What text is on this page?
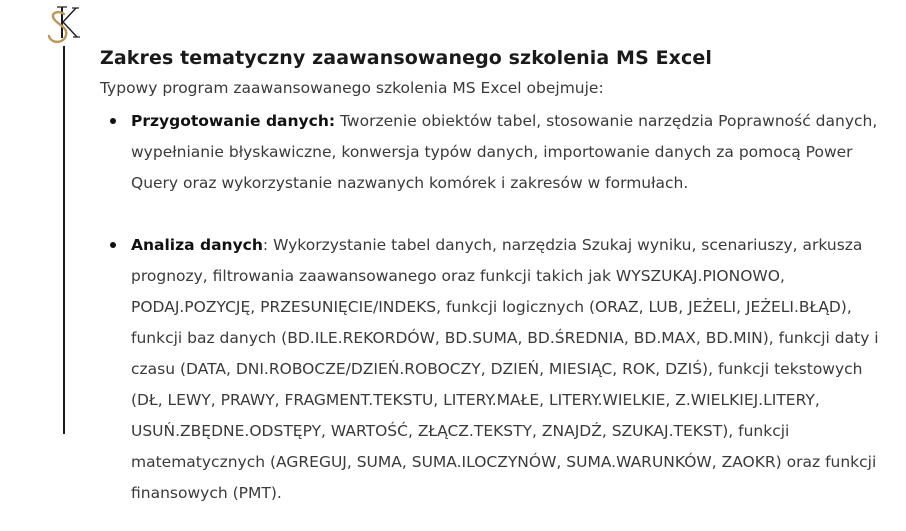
Zakres tematyczny zaawansowanego szkolenia MS Excel

Typowy program zaawansowanego szkolenia MS Excel obejmuje:

Przygotowanie danych: Tworzenie obiektów tabel, stosowanie narzędzia Poprawność danych, wypełnianie błyskawiczne, konwersja typów danych, importowanie danych za pomocą Power Query oraz wykorzystanie nazwanych komórek i zakresów w formułach.
Analiza danych: Wykorzystanie tabel danych, narzędzia Szukaj wyniku, scenariuszy, arkusza prognozy, filtrowania zaawansowanego oraz funkcji takich jak WYSZUKAJ.PIONOWO, PODAJ.POZYCJĘ, PRZESUNIĘCIE/INDEKS, funkcji logicznych (ORAZ, LUB, JEŻELI, JEŻELI.BŁĄD), funkcji baz danych (BD.ILE.REKORDÓW, BD.SUMA, BD.ŚREDNIA, BD.MAX, BD.MIN), funkcji daty i czasu (DATA, DNI.ROBOCZE/DZIEŃ.ROBOCZY, DZIEŃ, MIESIĄC, ROK, DZIŚ), funkcji tekstowych (DŁ, LEWY, PRAWY, FRAGMENT.TEKSTU, LITERY.MAŁE, LITERY.WIELKIE, Z.WIELKIEJ.LITERY, USUŃ.ZBĘDNE.ODSTĘPY, WARTOŚĆ, ZŁĄCZ.TEKSTY, ZNAJDŹ, SZUKAJ.TEKST), funkcji matematycznych (AGREGUJ, SUMA, SUMA.ILOCZYNÓW, SUMA.WARUNKÓW, ZAOKR) oraz funkcji finansowych (PMT).
